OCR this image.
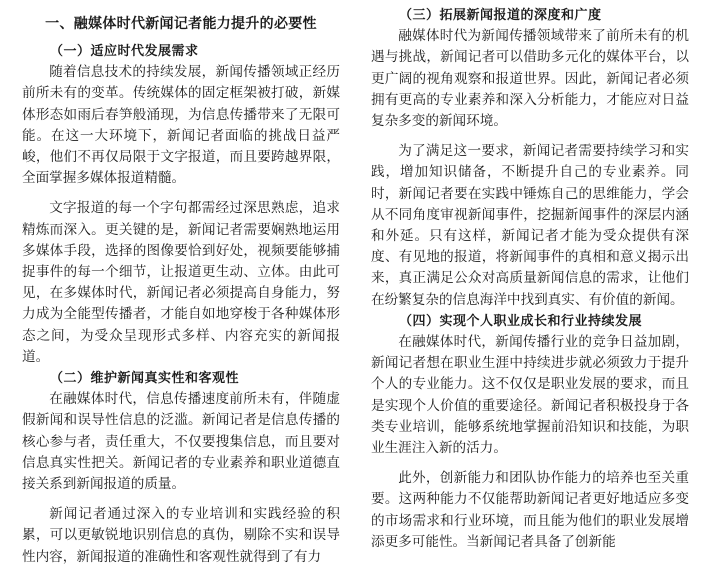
一、融媒体时代新闻记者能力提升的必要性
（一）适应时代发展需求

随着信息技术的持续发展，新闻传播领域正经历前所未有的变革。传统媒体的固定框架被打破，新媒体形态如雨后春笋般涌现，为信息传播带来了无限可能。在这一大环境下，新闻记者面临的挑战日益严峻，他们不再仅局限于文字报道，而且要跨越界限，全面掌握多媒体报道精髓。

文字报道的每一个字句都需经过深思熟虑，追求精炼而深入。更关键的是，新闻记者需要娴熟地运用多媒体手段，选择的图像要恰到好处，视频要能够捕捉事件的每一个细节，让报道更生动、立体。由此可见，在多媒体时代，新闻记者必须提高自身能力，努力成为全能型传播者，才能自如地穿梭于各种媒体形态之间，为受众呈现形式多样、内容充实的新闻报道。

（二）维护新闻真实性和客观性

在融媒体时代，信息传播速度前所未有，伴随虚假新闻和误导性信息的泛滥。新闻记者是信息传播的核心参与者，责任重大，不仅要搜集信息，而且要对信息真实性把关。新闻记者的专业素养和职业道德直接关系到新闻报道的质量。

新闻记者通过深入的专业培训和实践经验的积累，可以更敏锐地识别信息的真伪，剔除不实和误导性内容，新闻报道的准确性和客观性就得到了有力

（三）拓展新闻报道的深度和广度

融媒体时代为新闻传播领域带来了前所未有的机遇与挑战，新闻记者可以借助多元化的媒体平台，以更广阔的视角观察和报道世界。因此，新闻记者必须拥有更高的专业素养和深入分析能力，才能应对日益复杂多变的新闻环境。

为了满足这一要求，新闻记者需要持续学习和实践，增加知识储备，不断提升自己的专业素养。同时，新闻记者要在实践中锤炼自己的思维能力，学会从不同角度审视新闻事件，挖掘新闻事件的深层内涵和外延。只有这样，新闻记者才能为受众提供有深度、有见地的报道，将新闻事件的真相和意义揭示出来，真正满足公众对高质量新闻信息的需求，让他们在纷繁复杂的信息海洋中找到真实、有价值的新闻。

（四）实现个人职业成长和行业持续发展

在融媒体时代，新闻传播行业的竞争日益加剧，新闻记者想在职业生涯中持续进步就必须致力于提升个人的专业能力。这不仅仅是职业发展的要求，而且是实现个人价值的重要途径。新闻记者积极投身于各类专业培训，能够系统地掌握前沿知识和技能，为职业生涯注入新的活力。

此外，创新能力和团队协作能力的培养也至关重要。这两种能力不仅能帮助新闻记者更好地适应多变的市场需求和行业环境，而且能为他们的职业发展增添更多可能性。当新闻记者具备了创新能
